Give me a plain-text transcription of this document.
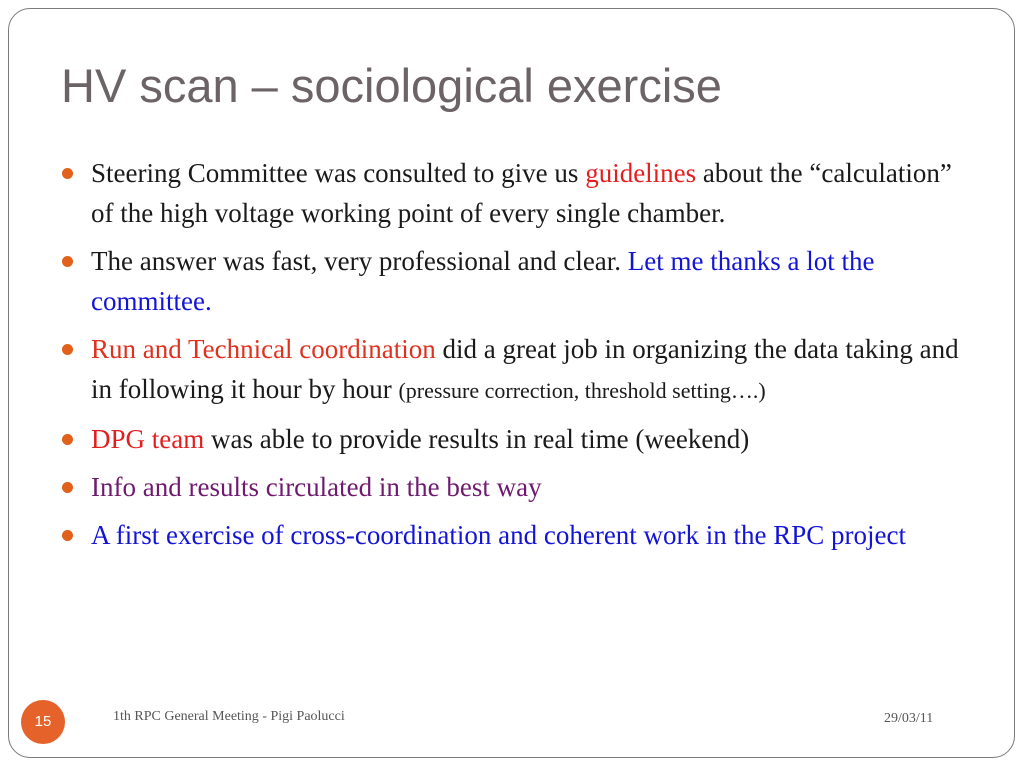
HV scan – sociological exercise
Steering Committee was consulted to give us guidelines about the “calculation” of the high voltage working point of every single chamber.
The answer was fast, very professional and clear. Let me thanks a lot the committee.
Run and Technical coordination did a great job in organizing the data taking and in following it hour by hour (pressure correction, threshold setting….)
DPG team was able to provide results in real time (weekend)
Info and results circulated in the best way
A first exercise of cross-coordination and coherent work in the RPC project
15	1th RPC General Meeting - Pigi Paolucci	29/03/11
